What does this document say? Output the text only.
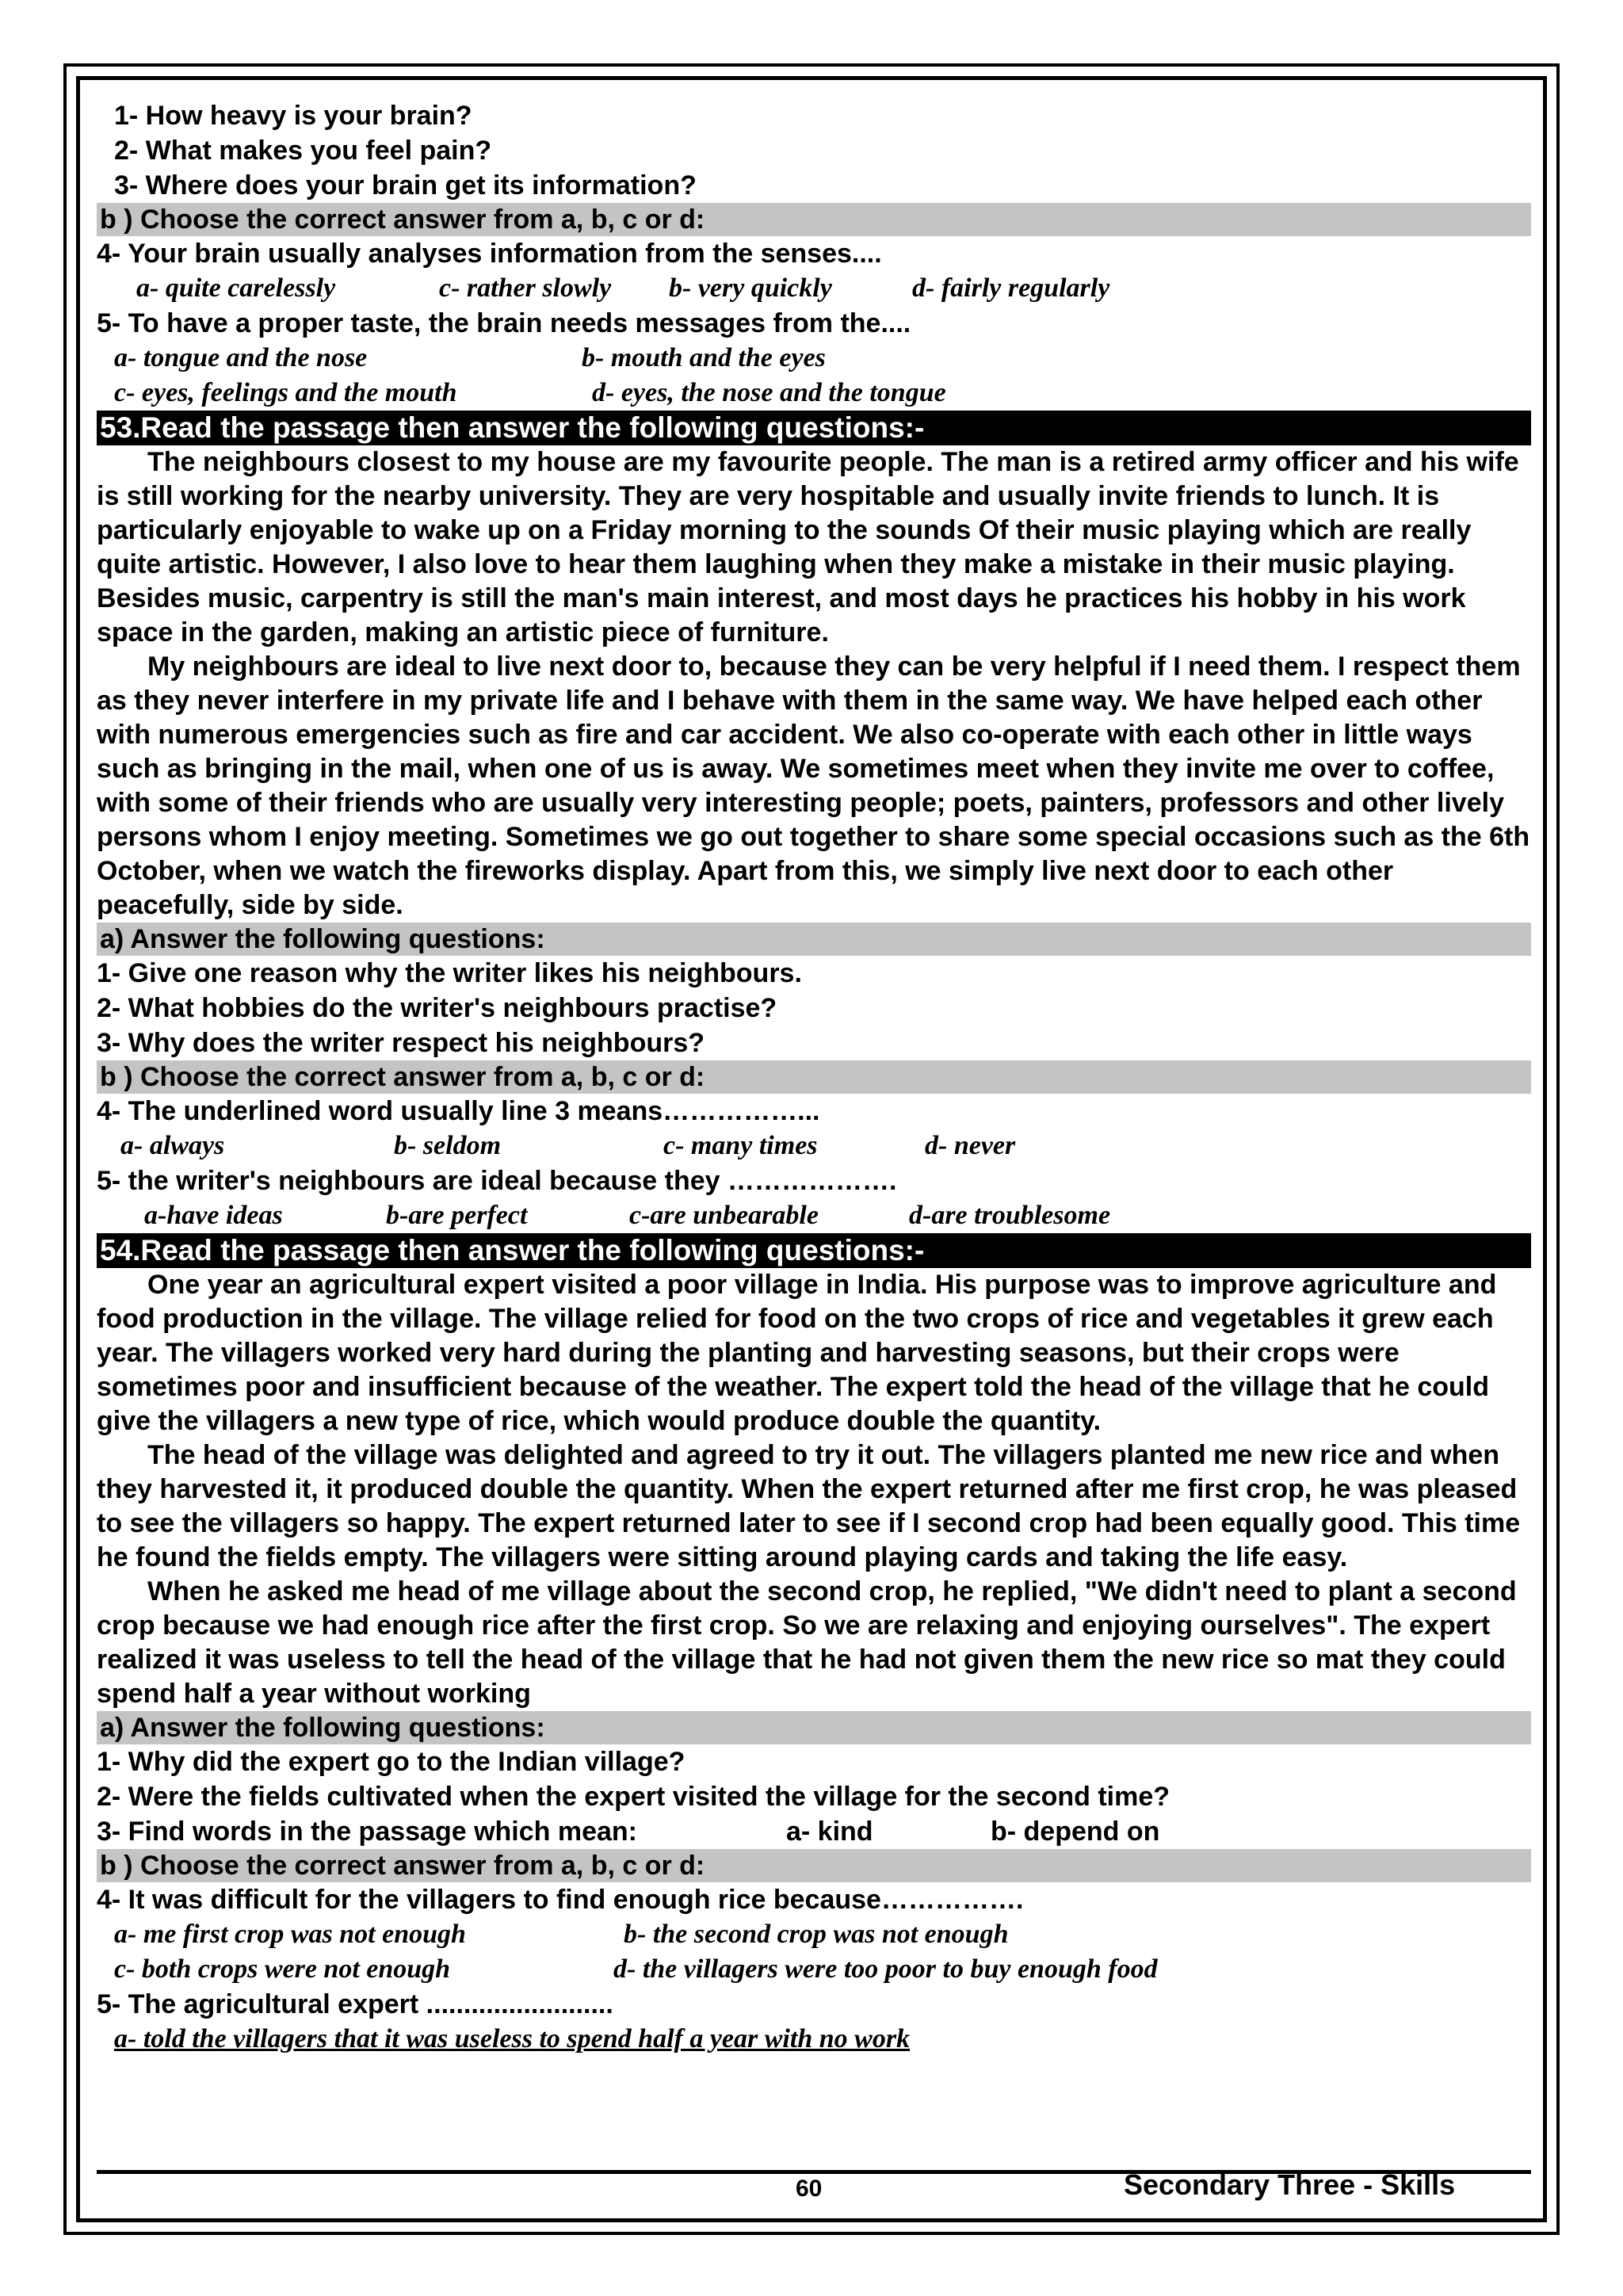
1- How heavy is your brain?

2- What makes you feel pain?

3- Where does your brain get its information?

b ) Choose the correct answer from a, b, c or d:

4- Your brain usually analyses information from the senses....

a- quite carelessly	c- rather slowly b- very quickly	d- fairly regularly

5- To have a proper taste, the brain needs messages from the....

a- tongue and the nose	b- mouth and the eyes
c- eyes, feelings and the mouth	d- eyes, the nose and the tongue

53.Read the passage then answer the following questions:-

The neighbours closest to my house are my favourite people. The man is a retired army officer and his wife is still working for the nearby university. They are very hospitable and usually invite friends to lunch. It is particularly enjoyable to wake up on a Friday morning to the sounds Of their music playing which are really quite artistic. However, I also love to hear them laughing when they make a mistake in their music playing. Besides music, carpentry is still the man's main interest, and most days he practices his hobby in his work space in the garden, making an artistic piece of furniture.

My neighbours are ideal to live next door to, because they can be very helpful if I need them. I respect them as they never interfere in my private life and I behave with them in the same way. We have helped each other with numerous emergencies such as fire and car accident. We also co-operate with each other in little ways such as bringing in the mail, when one of us is away. We sometimes meet when they invite me over to coffee, with some of their friends who are usually very interesting people; poets, painters, professors and other lively persons whom I enjoy meeting. Sometimes we go out together to share some special occasions such as the 6th October, when we watch the fireworks display. Apart from this, we simply live next door to each other peacefully, side by side.

a) Answer the following questions:

1- Give one reason why the writer likes his neighbours.

2- What hobbies do the writer's neighbours practise?

3- Why does the writer respect his neighbours?

b ) Choose the correct answer from a, b, c or d:

4- The underlined word usually line 3 means……………...

a- always	b- seldom	c- many times	d- never

5- the writer's neighbours are ideal because they ……………….

a-have ideas	b-are perfect	c-are unbearable	d-are troublesome

54.Read the passage then answer the following questions:-

One year an agricultural expert visited a poor village in India. His purpose was to improve agriculture and food production in the village. The village relied for food on the two crops of rice and vegetables it grew each year. The villagers worked very hard during the planting and harvesting seasons, but their crops were sometimes poor and insufficient because of the weather. The expert told the head of the village that he could give the villagers a new type of rice, which would produce double the quantity.

The head of the village was delighted and agreed to try it out. The villagers planted me new rice and when they harvested it, it produced double the quantity. When the expert returned after me first crop, he was pleased to see the villagers so happy. The expert returned later to see if I second crop had been equally good. This time he found the fields empty. The villagers were sitting around playing cards and taking the life easy.

When he asked me head of me village about the second crop, he replied, "We didn't need to plant a second crop because we had enough rice after the first crop. So we are relaxing and enjoying ourselves". The expert realized it was useless to tell the head of the village that he had not given them the new rice so mat they could spend half a year without working

a) Answer the following questions:

1- Why did the expert go to the Indian village?

2- Were the fields cultivated when the expert visited the village for the second time?

3- Find words in the passage which mean:	a- kind	b- depend on

b ) Choose the correct answer from a, b, c or d:

4- It was difficult for the villagers to find enough rice because…………….

a- me first crop was not enough	b- the second crop was not enough
c- both crops were not enough	d- the villagers were too poor to buy enough food

5- The agricultural expert .........................

a- told the villagers that it was useless to spend half a year with no work
60	Secondary Three - Skills
